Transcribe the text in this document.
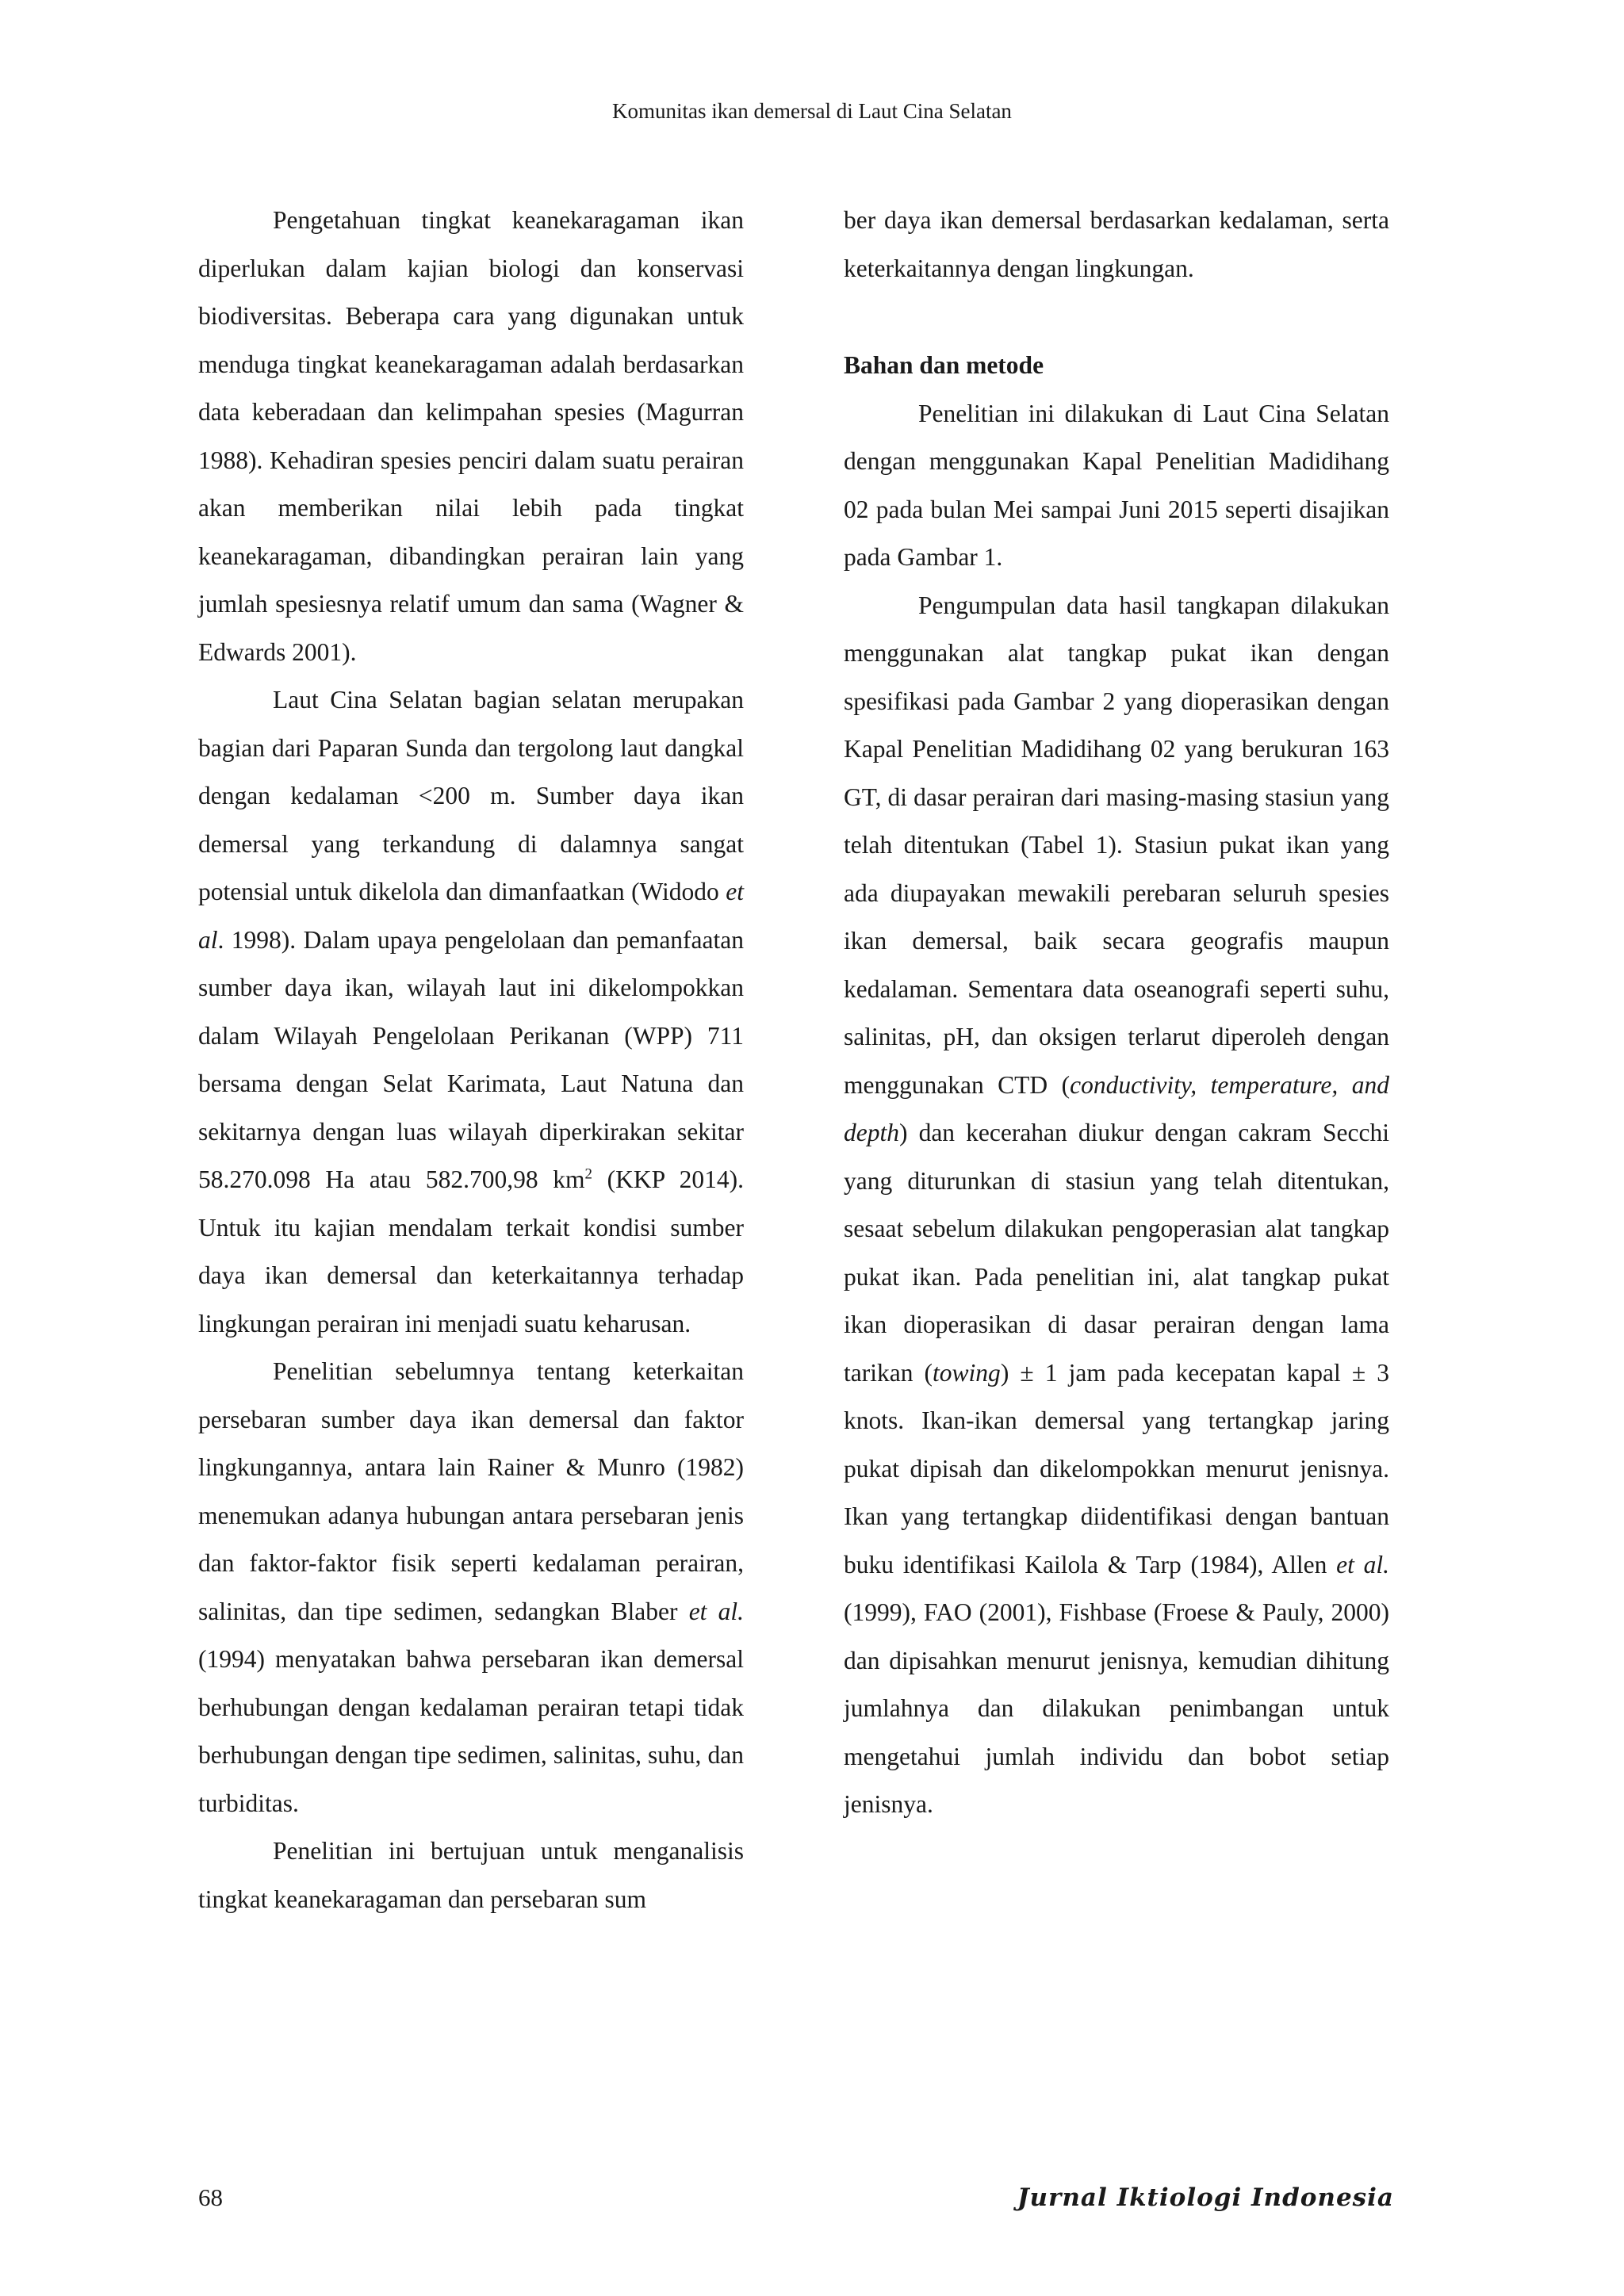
Komunitas ikan demersal di Laut Cina Selatan

Pengetahuan tingkat keanekaragaman ikan diperlukan dalam kajian biologi dan konservasi biodiversitas. Beberapa cara yang digunakan untuk menduga tingkat keanekaragaman adalah berdasarkan data keberadaan dan kelimpahan spesies (Magurran 1988). Kehadiran spesies penciri dalam suatu perairan akan memberikan nilai lebih pada tingkat keanekaragaman, dibandingkan perairan lain yang jumlah spesiesnya relatif umum dan sama (Wagner & Edwards 2001).

Laut Cina Selatan bagian selatan merupakan bagian dari Paparan Sunda dan tergolong laut dangkal dengan kedalaman <200 m. Sumber daya ikan demersal yang terkandung di dalamnya sangat potensial untuk dikelola dan dimanfaatkan (Widodo et al. 1998). Dalam upaya pengelolaan dan pemanfaatan sumber daya ikan, wilayah laut ini dikelompokkan dalam Wilayah Pengelolaan Perikanan (WPP) 711 bersama dengan Selat Karimata, Laut Natuna dan sekitarnya dengan luas wilayah diperkirakan sekitar 58.270.098 Ha atau 582.700,98 $km^2$ (KKP 2014). Untuk itu kajian mendalam terkait kondisi sumber daya ikan demersal dan keterkaitannya terhadap lingkungan perairan ini menjadi suatu keharusan.

Penelitian sebelumnya tentang keterkaitan persebaran sumber daya ikan demersal dan faktor lingkungannya, antara lain Rainer & Munro (1982) menemukan adanya hubungan antara persebaran jenis dan faktor-faktor fisik seperti kedalaman perairan, salinitas, dan tipe sedimen, sedangkan Blaber et al. (1994) menyatakan bahwa persebaran ikan demersal berhubungan dengan kedalaman perairan tetapi tidak berhubungan dengan tipe sedimen, salinitas, suhu, dan turbiditas.

Penelitian ini bertujuan untuk menganalisis tingkat keanekaragaman dan persebaran sum

ber daya ikan demersal berdasarkan kedalaman, serta keterkaitannya dengan lingkungan.

Bahan dan metode

Penelitian ini dilakukan di Laut Cina Selatan dengan menggunakan Kapal Penelitian Madidihang 02 pada bulan Mei sampai Juni 2015 seperti disajikan pada Gambar 1.

Pengumpulan data hasil tangkapan dilakukan menggunakan alat tangkap pukat ikan dengan spesifikasi pada Gambar 2 yang dioperasikan dengan Kapal Penelitian Madidihang 02 yang berukuran 163 GT, di dasar perairan dari masing-masing stasiun yang telah ditentukan (Tabel 1). Stasiun pukat ikan yang ada diupayakan mewakili perebaran seluruh spesies ikan demersal, baik secara geografis maupun kedalaman. Sementara data oseanografi seperti suhu, salinitas, pH, dan oksigen terlarut diperoleh dengan menggunakan CTD (conductivity, temperature, and depth) dan kecerahan diukur dengan cakram Secchi yang diturunkan di stasiun yang telah ditentukan, sesaat sebelum dilakukan pengoperasian alat tangkap pukat ikan. Pada penelitian ini, alat tangkap pukat ikan dioperasikan di dasar perairan dengan lama tarikan (towing) ± 1 jam pada kecepatan kapal ± 3 knots. Ikan-ikan demersal yang tertangkap jaring pukat dipisah dan dikelompokkan menurut jenisnya. Ikan yang tertangkap diidentifikasi dengan bantuan buku identifikasi Kailola & Tarp (1984), Allen et al. (1999), FAO (2001), Fishbase (Froese & Pauly, 2000) dan dipisahkan menurut jenisnya, kemudian dihitung jumlahnya dan dilakukan penimbangan untuk mengetahui jumlah individu dan bobot setiap jenisnya.

68	Jurnal Iktiologi Indonesia
